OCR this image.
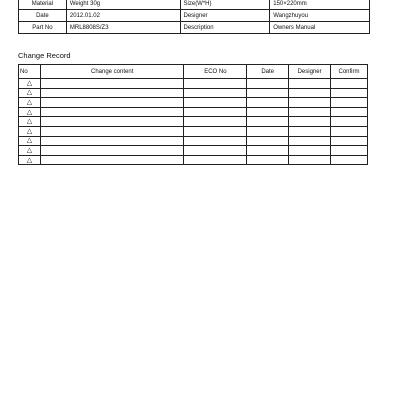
Material	Weight 30g	Size(W*H)	150×220mm
Date	2012.01.02	Designer	Wangzhuyou
Part No	MRL8808S/Z3	Description	Owners Manual
Change Record
No	Change content	ECO No	Date	Designer	Confirm
△					
△					
△					
△					
△					
△					
△					
△					
△					
